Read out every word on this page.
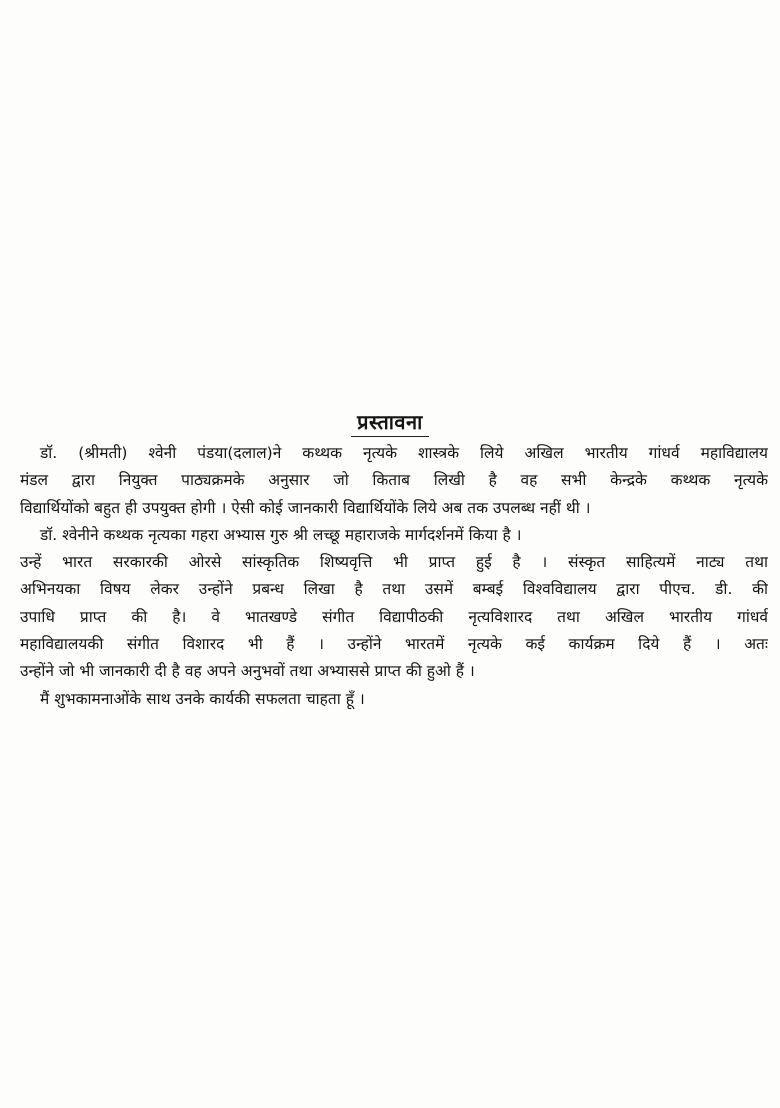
प्रस्तावना
डॉ. (श्रीमती) श्वेनी पंडया(दलाल)ने कथ्थक नृत्यके शास्त्रके लिये अखिल भारतीय गांधर्व महाविद्यालय
मंडल द्वारा नियुक्त पाठ्यक्रमके अनुसार जो किताब लिखी है वह सभी केन्द्रके कथ्थक नृत्यके
विद्यार्थियोंको बहुत ही उपयुक्त होगी । ऐसी कोई जानकारी विद्यार्थियोंके लिये अब तक उपलब्ध नहीं थी ।
डॉ. श्वेनीने कथ्थक नृत्यका गहरा अभ्यास गुरु श्री लच्छू महाराजके मार्गदर्शनमें किया है ।
उन्हें भारत सरकारकी ओरसे सांस्कृतिक शिष्यवृत्ति भी प्राप्त हुई है । संस्कृत साहित्यमें नाट्य तथा
अभिनयका विषय लेकर उन्होंने प्रबन्ध लिखा है तथा उसमें बम्बई विश्वविद्यालय द्वारा पीएच. डी. की
उपाधि प्राप्त की है। वे भातखण्डे संगीत विद्यापीठकी नृत्यविशारद तथा अखिल भारतीय गांधर्व
महाविद्यालयकी संगीत विशारद भी हैं । उन्होंने भारतमें नृत्यके कई कार्यक्रम दिये हैं । अतः
उन्होंने जो भी जानकारी दी है वह अपने अनुभवों तथा अभ्याससे प्राप्त की हुओ हैं ।
मैं शुभकामनाओंके साथ उनके कार्यकी सफलता चाहता हूँ ।
